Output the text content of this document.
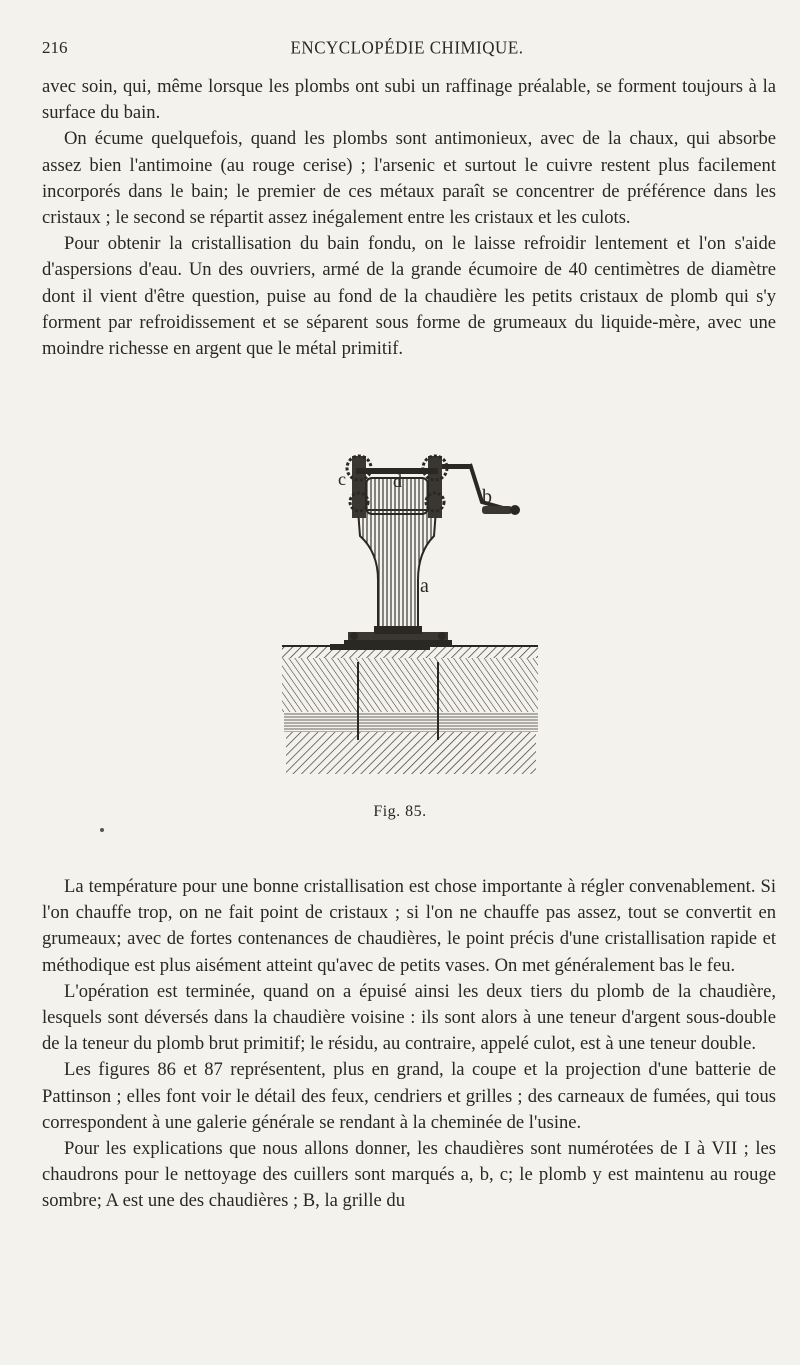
216	ENCYCLOPÉDIE CHIMIQUE.

avec soin, qui, même lorsque les plombs ont subi un raffinage préalable, se forment toujours à la surface du bain.

On écume quelquefois, quand les plombs sont antimonieux, avec de la chaux, qui absorbe assez bien l'antimoine (au rouge cerise) ; l'arsenic et surtout le cuivre restent plus facilement incorporés dans le bain; le premier de ces métaux paraît se concentrer de préférence dans les cristaux ; le second se répartit assez inégalement entre les cristaux et les culots.

Pour obtenir la cristallisation du bain fondu, on le laisse refroidir lentement et l'on s'aide d'aspersions d'eau. Un des ouvriers, armé de la grande écumoire de 40 centimètres de diamètre dont il vient d'être question, puise au fond de la chaudière les petits cristaux de plomb qui s'y forment par refroidissement et se séparent sous forme de grumeaux du liquide-mère, avec une moindre richesse en argent que le métal primitif.

c	d
b
a
Fig. 85.

La température pour une bonne cristallisation est chose importante à régler convenablement. Si l'on chauffe trop, on ne fait point de cristaux ; si l'on ne chauffe pas assez, tout se convertit en grumeaux; avec de fortes contenances de chaudières, le point précis d'une cristallisation rapide et méthodique est plus aisément atteint qu'avec de petits vases. On met généralement bas le feu.

L'opération est terminée, quand on a épuisé ainsi les deux tiers du plomb de la chaudière, lesquels sont déversés dans la chaudière voisine : ils sont alors à une teneur d'argent sous-double de la teneur du plomb brut primitif; le résidu, au contraire, appelé culot, est à une teneur double.

Les figures 86 et 87 représentent, plus en grand, la coupe et la projection d'une batterie de Pattinson ; elles font voir le détail des feux, cendriers et grilles ; des carneaux de fumées, qui tous correspondent à une galerie générale se rendant à la cheminée de l'usine.

Pour les explications que nous allons donner, les chaudières sont numérotées de I à VII ; les chaudrons pour le nettoyage des cuillers sont marqués a, b, c; le plomb y est maintenu au rouge sombre; A est une des chaudières ; B, la grille du
